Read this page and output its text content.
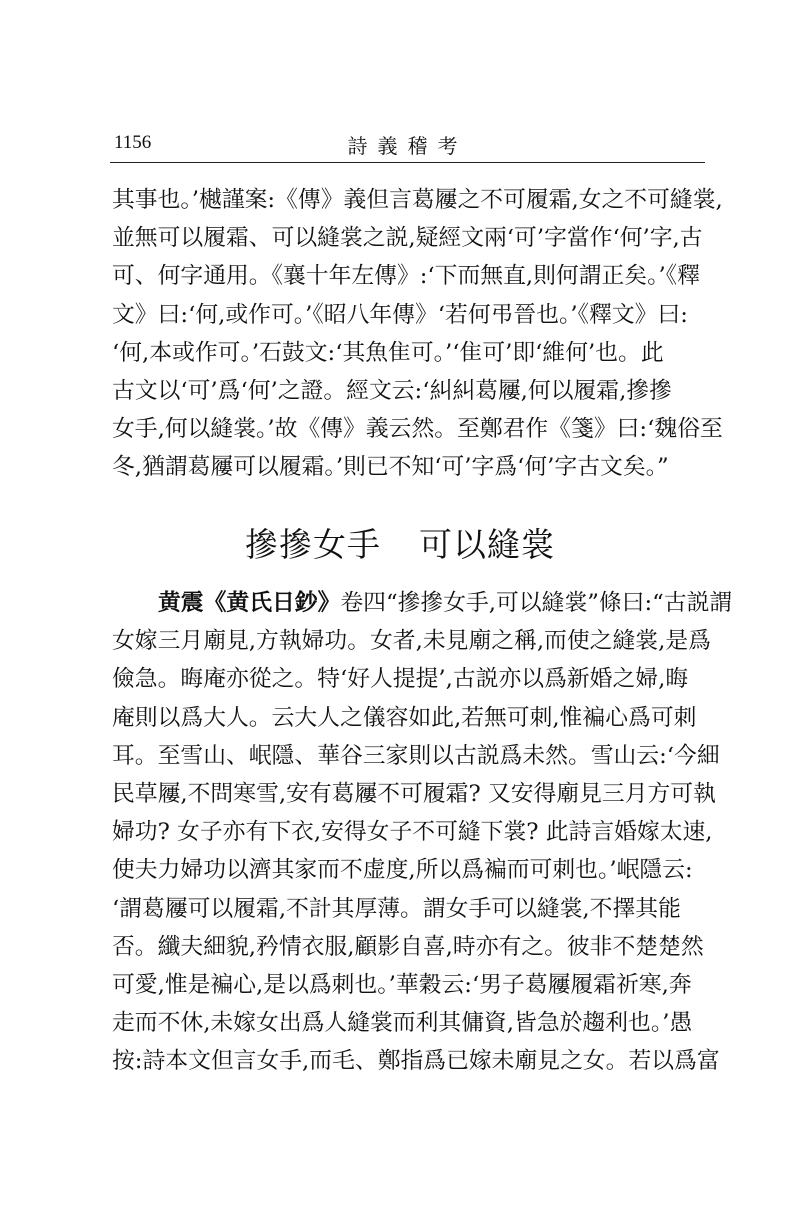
1156	詩義稽考
其事也。’樾謹案:《傳》義但言葛屨之不可履霜,女之不可縫裳,
並無可以履霜、可以縫裳之説,疑經文兩‘可’字當作‘何’字,古
可、何字通用。《襄十年左傳》:‘下而無直,則何謂正矣。’《釋
文》曰:‘何,或作可。’《昭八年傳》‘若何弔晉也。’《釋文》曰:
‘何,本或作可。’石鼓文:‘其魚隹可。’‘隹可’即‘維何’也。此
古文以‘可’爲‘何’之證。經文云:‘糾糾葛屨,何以履霜,摻摻
女手,何以縫裳。’故《傳》義云然。至鄭君作《箋》曰:‘魏俗至
冬,猶謂葛屨可以履霜。’則已不知‘可’字爲‘何’字古文矣。”
摻摻女手 可以縫裳
黄震《黄氏日鈔》卷四“摻摻女手,可以縫裳”條曰:“古説謂
女嫁三月廟見,方執婦功。女者,未見廟之稱,而使之縫裳,是爲
儉急。晦庵亦從之。特‘好人提提’,古説亦以爲新婚之婦,晦
庵則以爲大人。云大人之儀容如此,若無可刺,惟褊心爲可刺
耳。至雪山、岷隱、華谷三家則以古説爲未然。雪山云:‘今細
民草屨,不問寒雪,安有葛屨不可履霜? 又安得廟見三月方可執
婦功? 女子亦有下衣,安得女子不可縫下裳? 此詩言婚嫁太速,
使夫力婦功以濟其家而不虚度,所以爲褊而可刺也。’岷隱云:
‘謂葛屨可以履霜,不計其厚薄。謂女手可以縫裳,不擇其能
否。纖夫細貌,矜情衣服,顧影自喜,時亦有之。彼非不楚楚然
可愛,惟是褊心,是以爲刺也。’華穀云:‘男子葛屨履霜祈寒,奔
走而不休,未嫁女出爲人縫裳而利其傭資,皆急於趨利也。’愚
按:詩本文但言女手,而毛、鄭指爲已嫁未廟見之女。若以爲富
